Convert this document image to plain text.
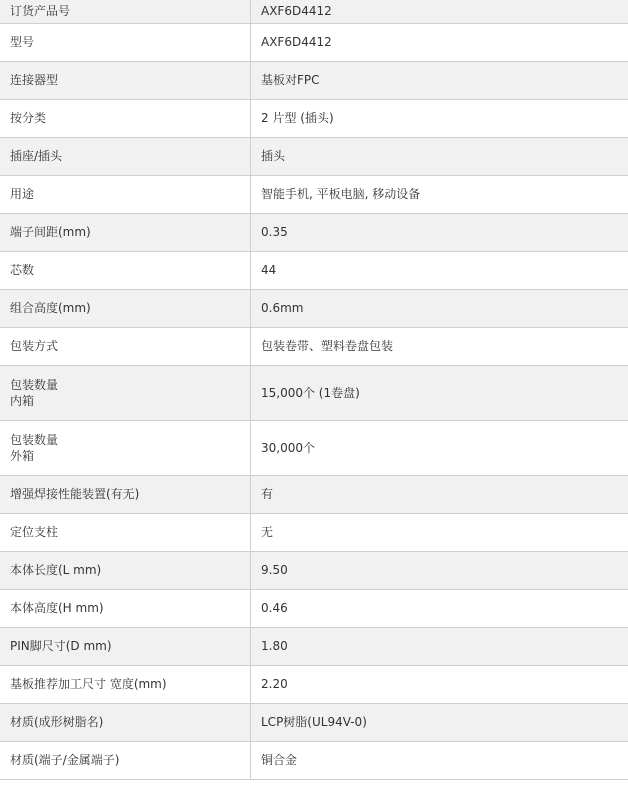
订货产品号	AXF6D4412

型号	AXF6D4412

连接器型	基板对FPC

按分类	2 片型 (插头)

插座/插头	插头

用途	智能手机, 平板电脑, 移动设备

端子间距(mm)	0.35

芯数	44

组合高度(mm)	0.6mm

包装方式	包装卷带、塑料卷盘包装

包装数量
内箱	15,000个 (1卷盘)

包装数量
外箱	30,000个

增强焊接性能装置(有无)	有

定位支柱	无

本体长度(L mm)	9.50

本体高度(H mm)	0.46

PIN脚尺寸(D mm)	1.80

基板推荐加工尺寸 宽度(mm)	2.20

材质(成形树脂名)	LCP树脂(UL94V-0)

材质(端子/金属端子)	铜合金
